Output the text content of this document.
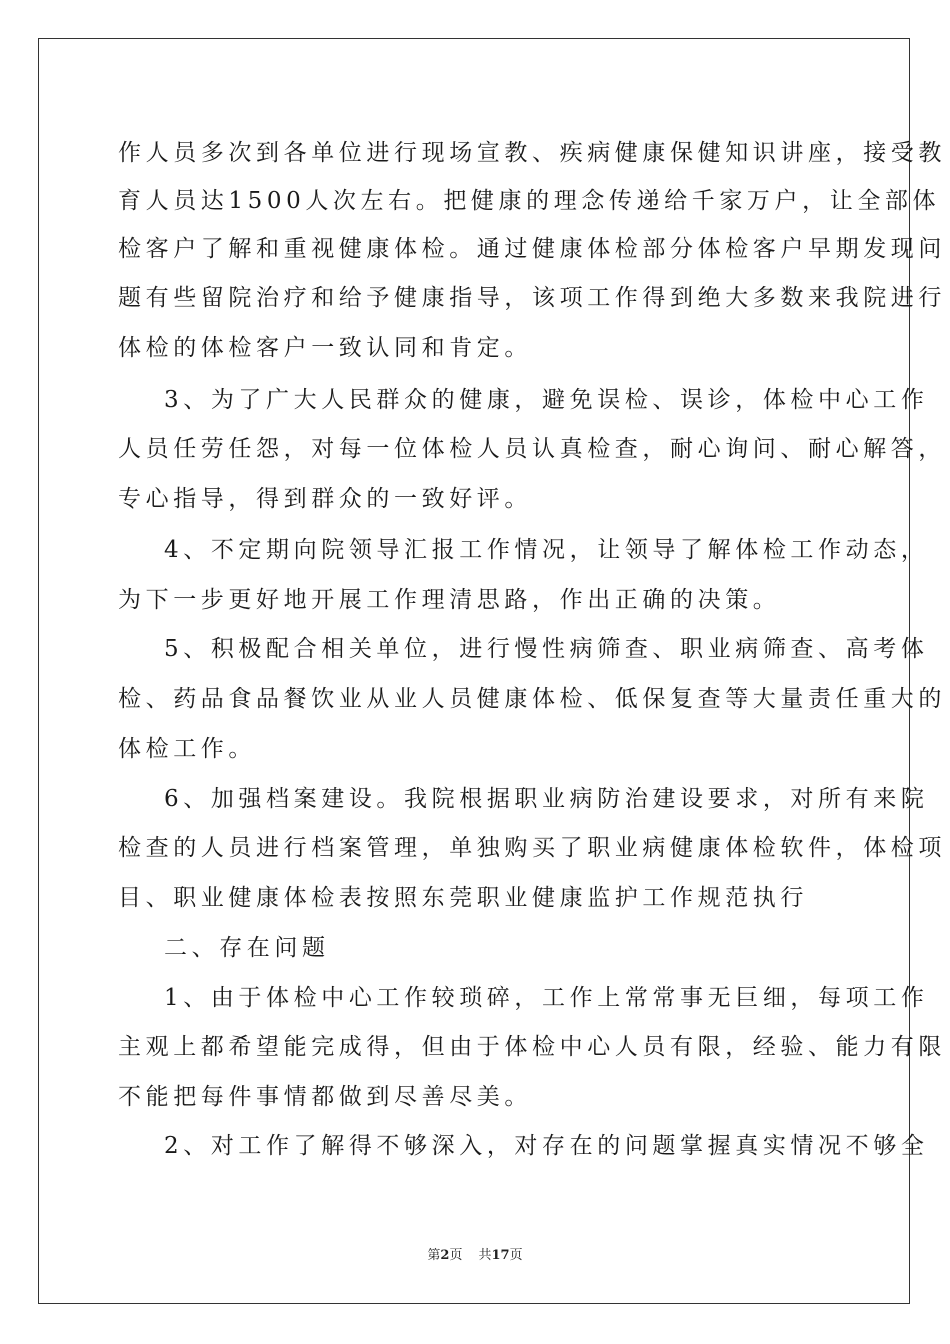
作人员多次到各单位进行现场宣教、疾病健康保健知识讲座，接受教
育人员达1500人次左右。把健康的理念传递给千家万户，让全部体
检客户了解和重视健康体检。通过健康体检部分体检客户早期发现问
题有些留院治疗和给予健康指导，该项工作得到绝大多数来我院进行
体检的体检客户一致认同和肯定。
3、为了广大人民群众的健康，避免误检、误诊，体检中心工作
人员任劳任怨，对每一位体检人员认真检查，耐心询问、耐心解答，
专心指导，得到群众的一致好评。
4、不定期向院领导汇报工作情况，让领导了解体检工作动态，
为下一步更好地开展工作理清思路，作出正确的决策。
5、积极配合相关单位，进行慢性病筛查、职业病筛查、高考体
检、药品食品餐饮业从业人员健康体检、低保复查等大量责任重大的
体检工作。
6、加强档案建设。我院根据职业病防治建设要求，对所有来院
检查的人员进行档案管理，单独购买了职业病健康体检软件，体检项
目、职业健康体检表按照东莞职业健康监护工作规范执行
二、存在问题
1、由于体检中心工作较琐碎，工作上常常事无巨细，每项工作
主观上都希望能完成得，但由于体检中心人员有限，经验、能力有限
不能把每件事情都做到尽善尽美。
2、对工作了解得不够深入，对存在的问题掌握真实情况不够全
第2页 共17页
